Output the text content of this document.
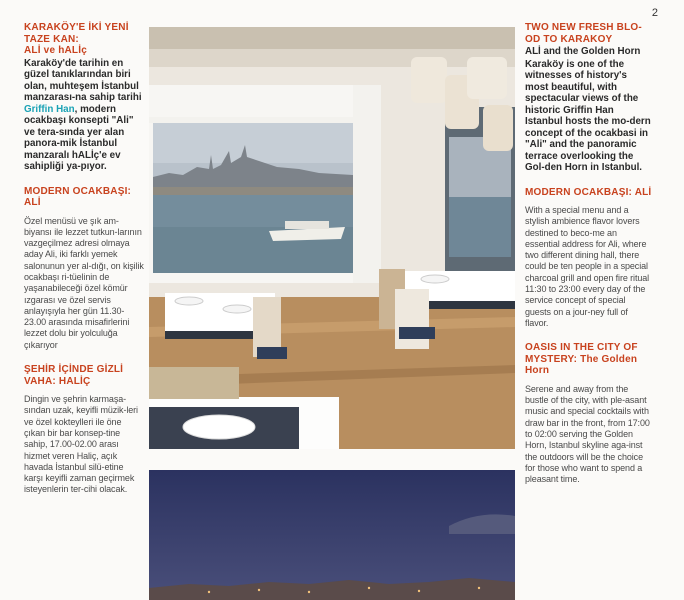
2

KARAKÖY'E İKİ YENİ
TAZE KAN:
ALİ ve hALİç

Karaköy'de tarihin en güzel tanıklarından biri olan, muhteşem İstanbul manzarası-na sahip tarihi Griffin Han, modern ocakbaşı konsepti "Ali" ve tera-sında yer alan panora-mik İstanbul manzaralı hALİç'e ev sahipliği ya-pıyor.

MODERN OCAKBAŞI: ALİ

Özel menüsü ve şık am-biyansı ile lezzet tutkun-larının vazgeçilmez adresi olmaya aday Ali, iki farklı yemek salonunun yer al-dığı, on kişilik ocakbaşı ri-tüelinin de yaşanabileceği özel kömür ızgarası ve özel servis anlayışıyla her gün 11.30-23.00 arasında misafirlerini lezzet dolu bir yolculuğa çıkarıyor

ŞEHİR İÇİNDE GİZLİ VAHA: HALİÇ

Dingin ve şehrin karmaşa-sından uzak, keyifli müzik-leri ve özel kokteylleri ile öne çıkan bir bar konsep-tine sahip, 17.00-02.00 arası hizmet veren Haliç, açık havada İstanbul silü-etine karşı keyifli zaman geçirmek isteyenlerin ter-cihi olacak.

TWO NEW FRESH BLO-OD TO KARAKOY

ALİ and the Golden Horn

Karaköy is one of the witnesses of history's most beautiful, with spectacular views of the historic Griffin Han Istanbul hosts the mo-dern concept of the ocakbasi in "Ali" and the panoramic terrace overlooking the Gol-den Horn in Istanbul.

MODERN OCAKBAŞI: ALİ

With a special menu and a stylish ambience flavor lovers destined to beco-me an essential address for Ali, where two different dining hall, there could be ten people in a special charcoal grill and open fire ritual 11:30 to 23:00 every day of the service concept of special guests on a jour-ney full of flavor.

OASIS IN THE CITY OF MYSTERY: The Golden Horn

Serene and away from the bustle of the city, with ple-asant music and special cocktails with draw bar in the front, from 17:00 to 02:00 serving the Golden Horn, Istanbul skyline aga-inst the outdoors will be the choice for those who want to spend a pleasant time.
